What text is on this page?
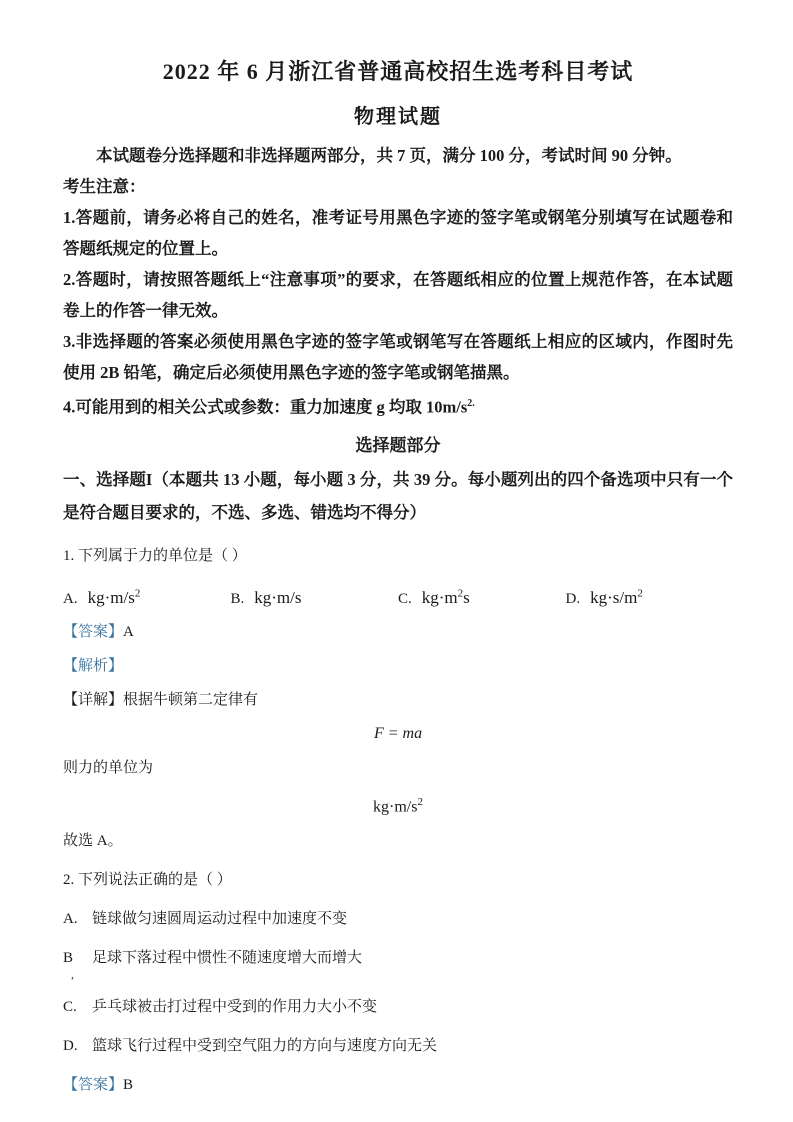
2022 年 6 月浙江省普通高校招生选考科目考试
物理试题

本试题卷分选择题和非选择题两部分，共 7 页，满分 100 分，考试时间 90 分钟。

考生注意：

1.答题前，请务必将自己的姓名，准考证号用黑色字迹的签字笔或钢笔分别填写在试题卷和答题纸规定的位置上。

2.答题时，请按照答题纸上“注意事项”的要求，在答题纸相应的位置上规范作答，在本试题卷上的作答一律无效。

3.非选择题的答案必须使用黑色字迹的签字笔或钢笔写在答题纸上相应的区域内，作图时先使用 2B 铅笔，确定后必须使用黑色字迹的签字笔或钢笔描黑。

4.可能用到的相关公式或参数：重力加速度 g 均取 $10m/s^{2.}$

选择题部分

一、选择题I（本题共 13 小题，每小题 3 分，共 39 分。每小题列出的四个备选项中只有一个是符合题目要求的，不选、多选、错选均不得分）

1. 下列属于力的单位是（ ）

A. $kg\cdot m/s^2$	B. kg·m/s	C. $kg\cdot m^2s$	D. $kg\cdot s/m^2$

【答案】A

【解析】

【详解】根据牛顿第二定律有

F = ma

则力的单位为

$kg\cdot m/s^2$

故选 A。

2. 下列说法正确的是（ ）

A. 链球做匀速圆周运动过程中加速度不变

B 足球下落过程中惯性不随速度增大而增大

,

C. 乒乓球被击打过程中受到的作用力大小不变

D. 篮球飞行过程中受到空气阻力的方向与速度方向无关

【答案】B
